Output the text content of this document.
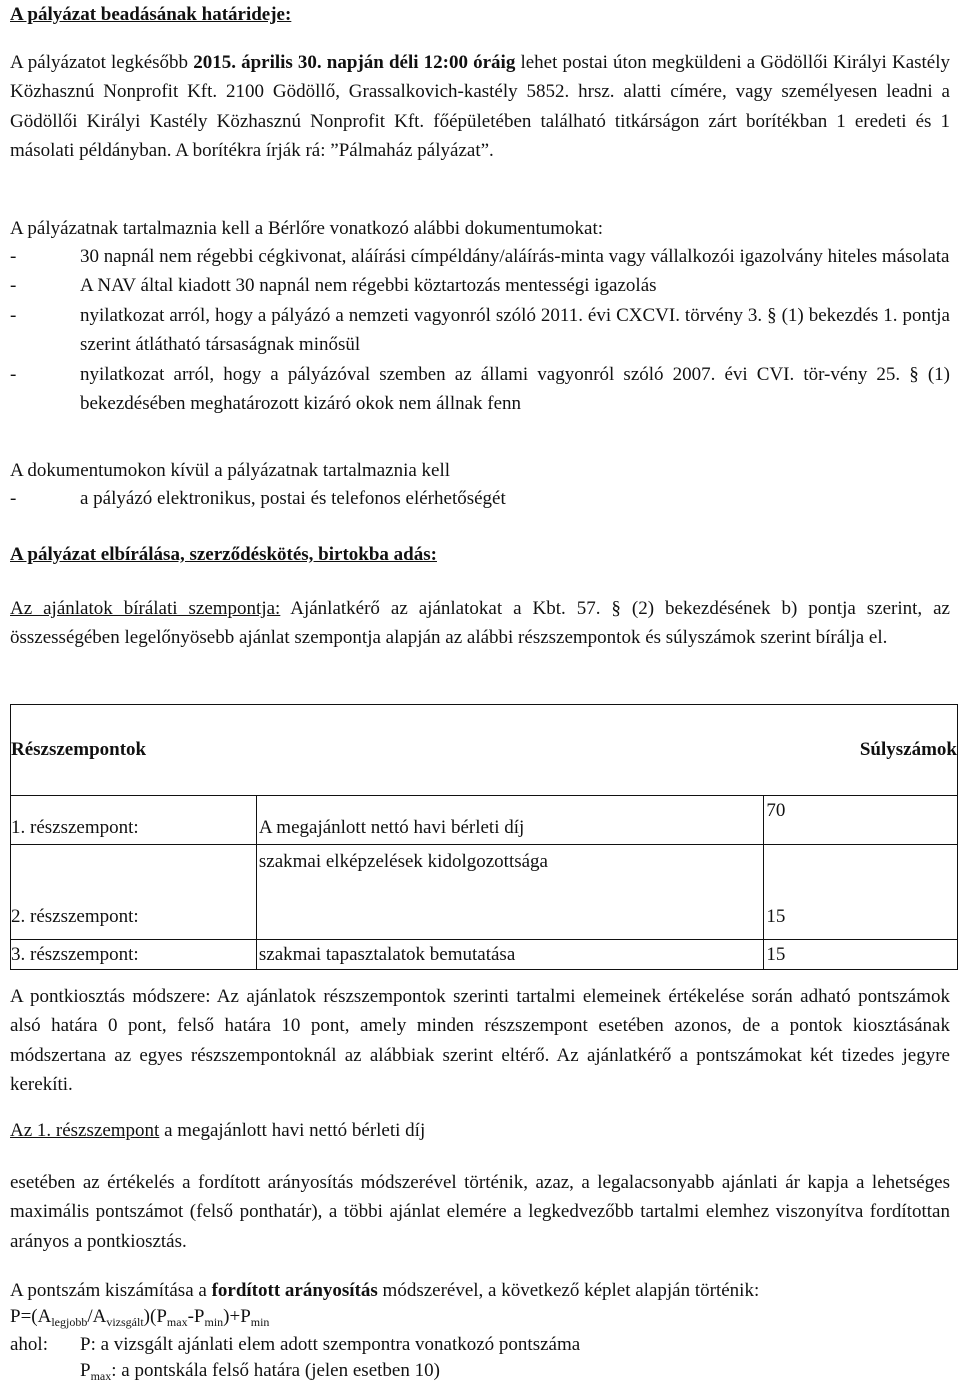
A pályázat beadásának határideje:

A pályázatot legkésőbb 2015. április 30. napján déli 12:00 óráig lehet postai úton megküldeni a Gödöllői Királyi Kastély Közhasznú Nonprofit Kft. 2100 Gödöllő, Grassalkovich-kastély 5852. hrsz. alatti címére, vagy személyesen leadni a Gödöllői Királyi Kastély Közhasznú Nonprofit Kft. főépületében található titkárságon zárt borítékban 1 eredeti és 1 másolati példányban. A borítékra írják rá: ”Pálmaház pályázat”.

A pályázatnak tartalmaznia kell a Bérlőre vonatkozó alábbi dokumentumokat:

-	30 napnál nem régebbi cégkivonat, aláírási címpéldány/aláírás-minta vagy vállalkozói igazolvány hiteles másolata
-	A NAV által kiadott 30 napnál nem régebbi köztartozás mentességi igazolás
-	nyilatkozat arról, hogy a pályázó a nemzeti vagyonról szóló 2011. évi CXCVI. törvény 3. § (1) bekezdés 1. pontja szerint átlátható társaságnak minősül
-	nyilatkozat arról, hogy a pályázóval szemben az állami vagyonról szóló 2007. évi CVI. tör-vény 25. § (1) bekezdésében meghatározott kizáró okok nem állnak fenn

A dokumentumokon kívül a pályázatnak tartalmaznia kell

-	a pályázó elektronikus, postai és telefonos elérhetőségét

A pályázat elbírálása, szerződéskötés, birtokba adás:

Az ajánlatok bírálati szempontja: Ajánlatkérő az ajánlatokat a Kbt. 57. § (2) bekezdésének b) pontja szerint, az összességében legelőnyösebb ajánlat szempontja alapján az alábbi részszempontok és súlyszámok szerint bírálja el.

Részszempontok		Súlyszámok
1. részszempont:	A megajánlott nettó havi bérleti díj	70
2. részszempont:	szakmai elképzelések kidolgozottsága	15
3. részszempont:	szakmai tapasztalatok bemutatása	15

A pontkiosztás módszere: Az ajánlatok részszempontok szerinti tartalmi elemeinek értékelése során adható pontszámok alsó határa 0 pont, felső határa 10 pont, amely minden részszempont esetében azonos, de a pontok kiosztásának módszertana az egyes részszempontoknál az alábbiak szerint eltérő. Az ajánlatkérő a pontszámokat két tizedes jegyre kerekíti.

Az 1. részszempont a megajánlott havi nettó bérleti díj

esetében az értékelés a fordított arányosítás módszerével történik, azaz, a legalacsonyabb ajánlati ár kapja a lehetséges maximális pontszámot (felső ponthatár), a többi ajánlat elemére a legkedvezőbb tartalmi elemhez viszonyítva fordítottan arányos a pontkiosztás.

A pontszám kiszámítása a fordított arányosítás módszerével, a következő képlet alapján történik:

$P=(A_{legjobb}/A_{vizsgált})(P_{max}-P_{min})+P_{min}$

ahol: P: a vizsgált ajánlati elem adott szempontra vonatkozó pontszáma

$P_{max}$: a pontskála felső határa (jelen esetben 10)
